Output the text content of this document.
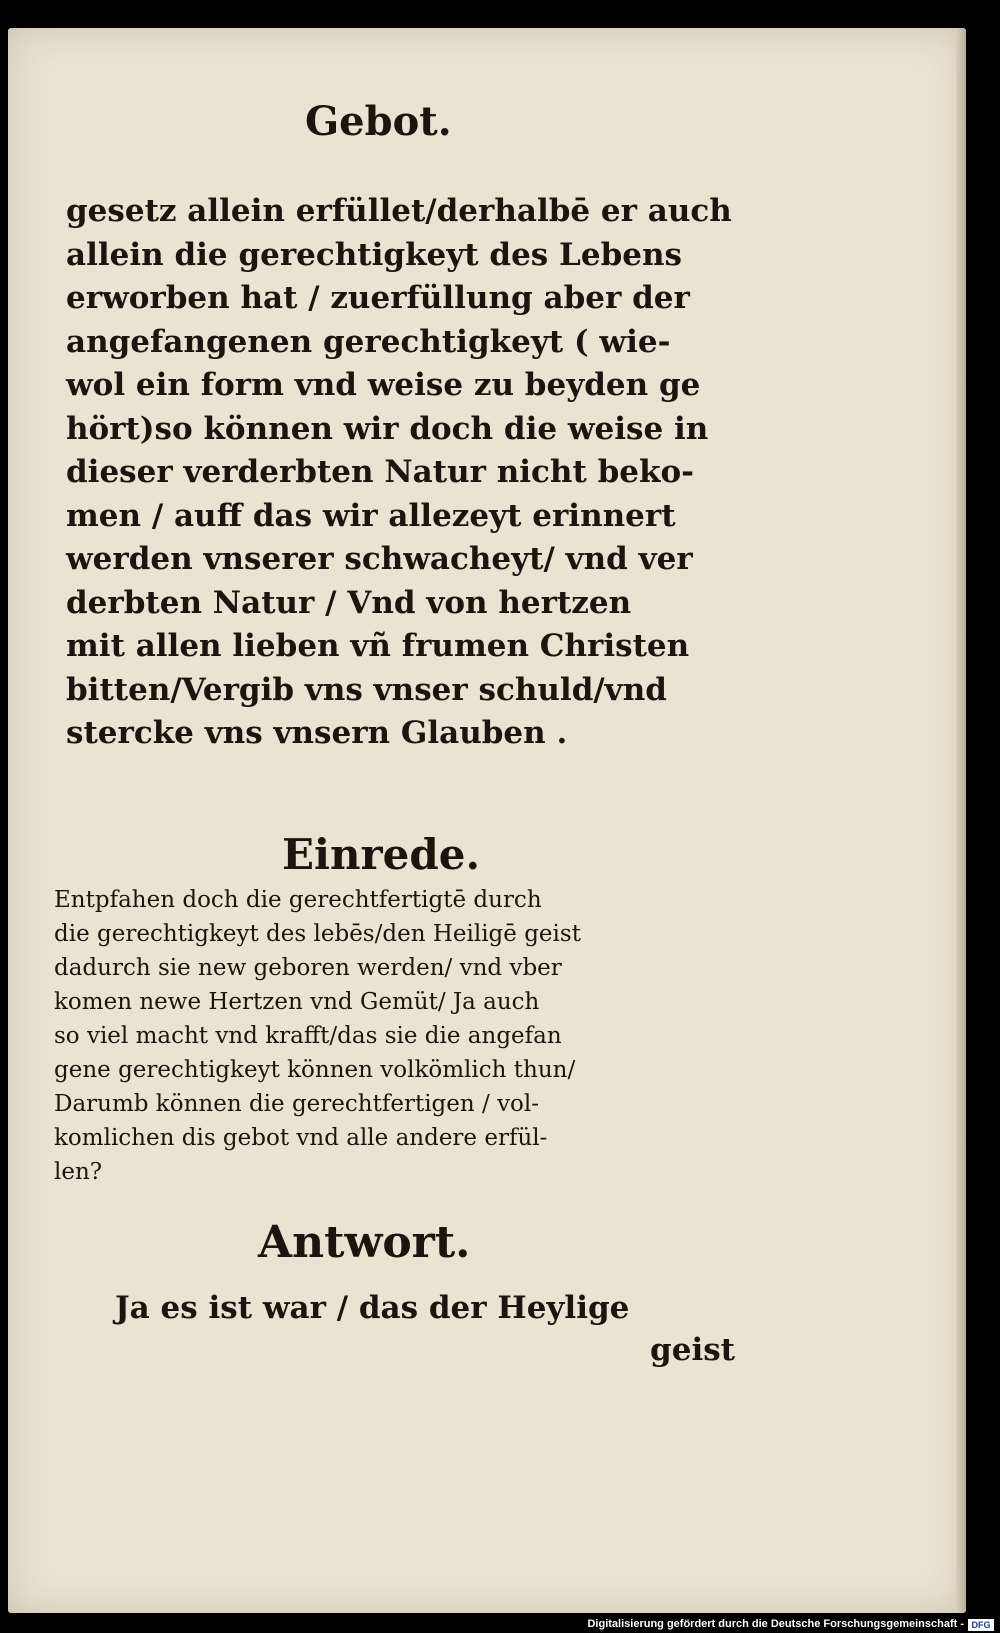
Gebot.
gesetz allein erfüllet/derhalbē er auch
allein die gerechtigkeyt des Lebens
erworben hat / zuerfüllung aber der
angefangenen gerechtigkeyt ( wie-
wol ein form vnd weise zu beyden ge
hört)so können wir doch die weise in
dieser verderbten Natur nicht beko-
men / auff das wir allezeyt erinnert
werden vnserer schwacheyt/ vnd ver
derbten Natur / Vnd von hertzen
mit allen lieben vñ frumen Christen
bitten/Vergib vns vnser schuld/vnd
stercke vns vnsern Glauben .
Einrede.
Entpfahen doch die gerechtfertigtē durch
die gerechtigkeyt des lebēs/den Heiligē geist
dadurch sie new geboren werden/ vnd vber
komen newe Hertzen vnd Gemüt/ Ja auch
so viel macht vnd krafft/das sie die angefan
gene gerechtigkeyt können volkömlich thun/
Darumb können die gerechtfertigen / vol-
komlichen dis gebot vnd alle andere erfül-
len?
Antwort.
Ja es ist war / das der Heylige
geist
Digitalisierung gefördert durch die Deutsche Forschungsgemeinschaft - DFG
